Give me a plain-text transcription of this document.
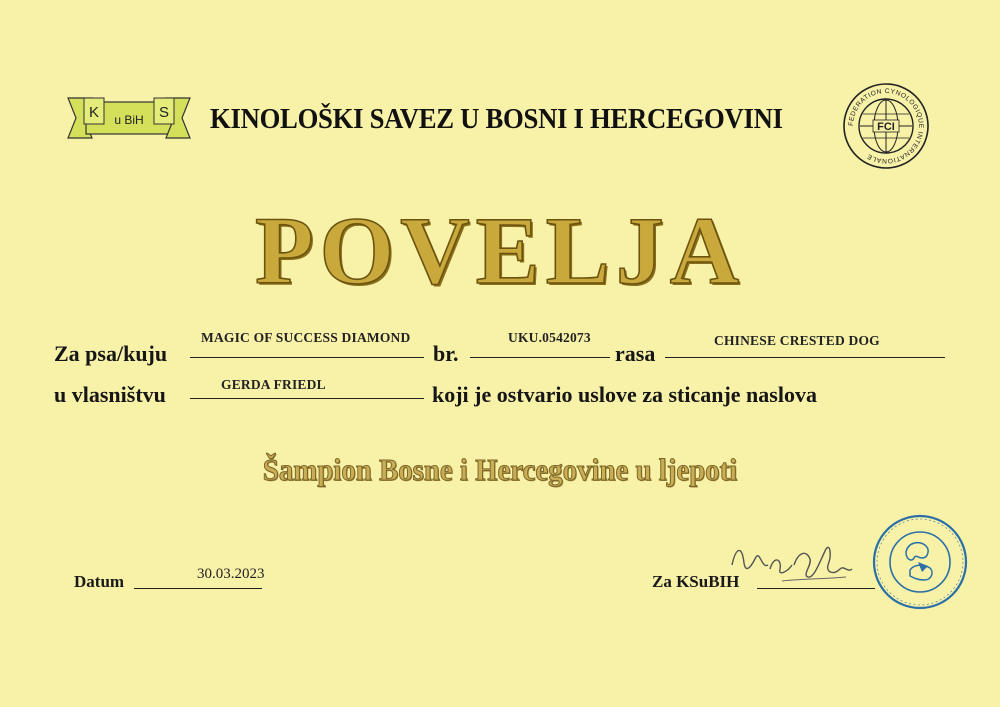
K u BiH S KINOLOŠKI SAVEZ U BOSNI I HERCEGOVINI	FEDERATION CYNOLOGIQUE INTERNATIONALE
FCI
POVELJA
Za psa/kuju
MAGIC OF SUCCESS DIAMOND
br.
UKU.0542073
rasa
CHINESE CRESTED DOG
u vlasništvu	GERDA FRIEDL	koji je ostvario uslove za sticanje naslova
Šampion Bosne i Hercegovine u ljepoti
Datum	30.03.2023	Za KSuBIH
